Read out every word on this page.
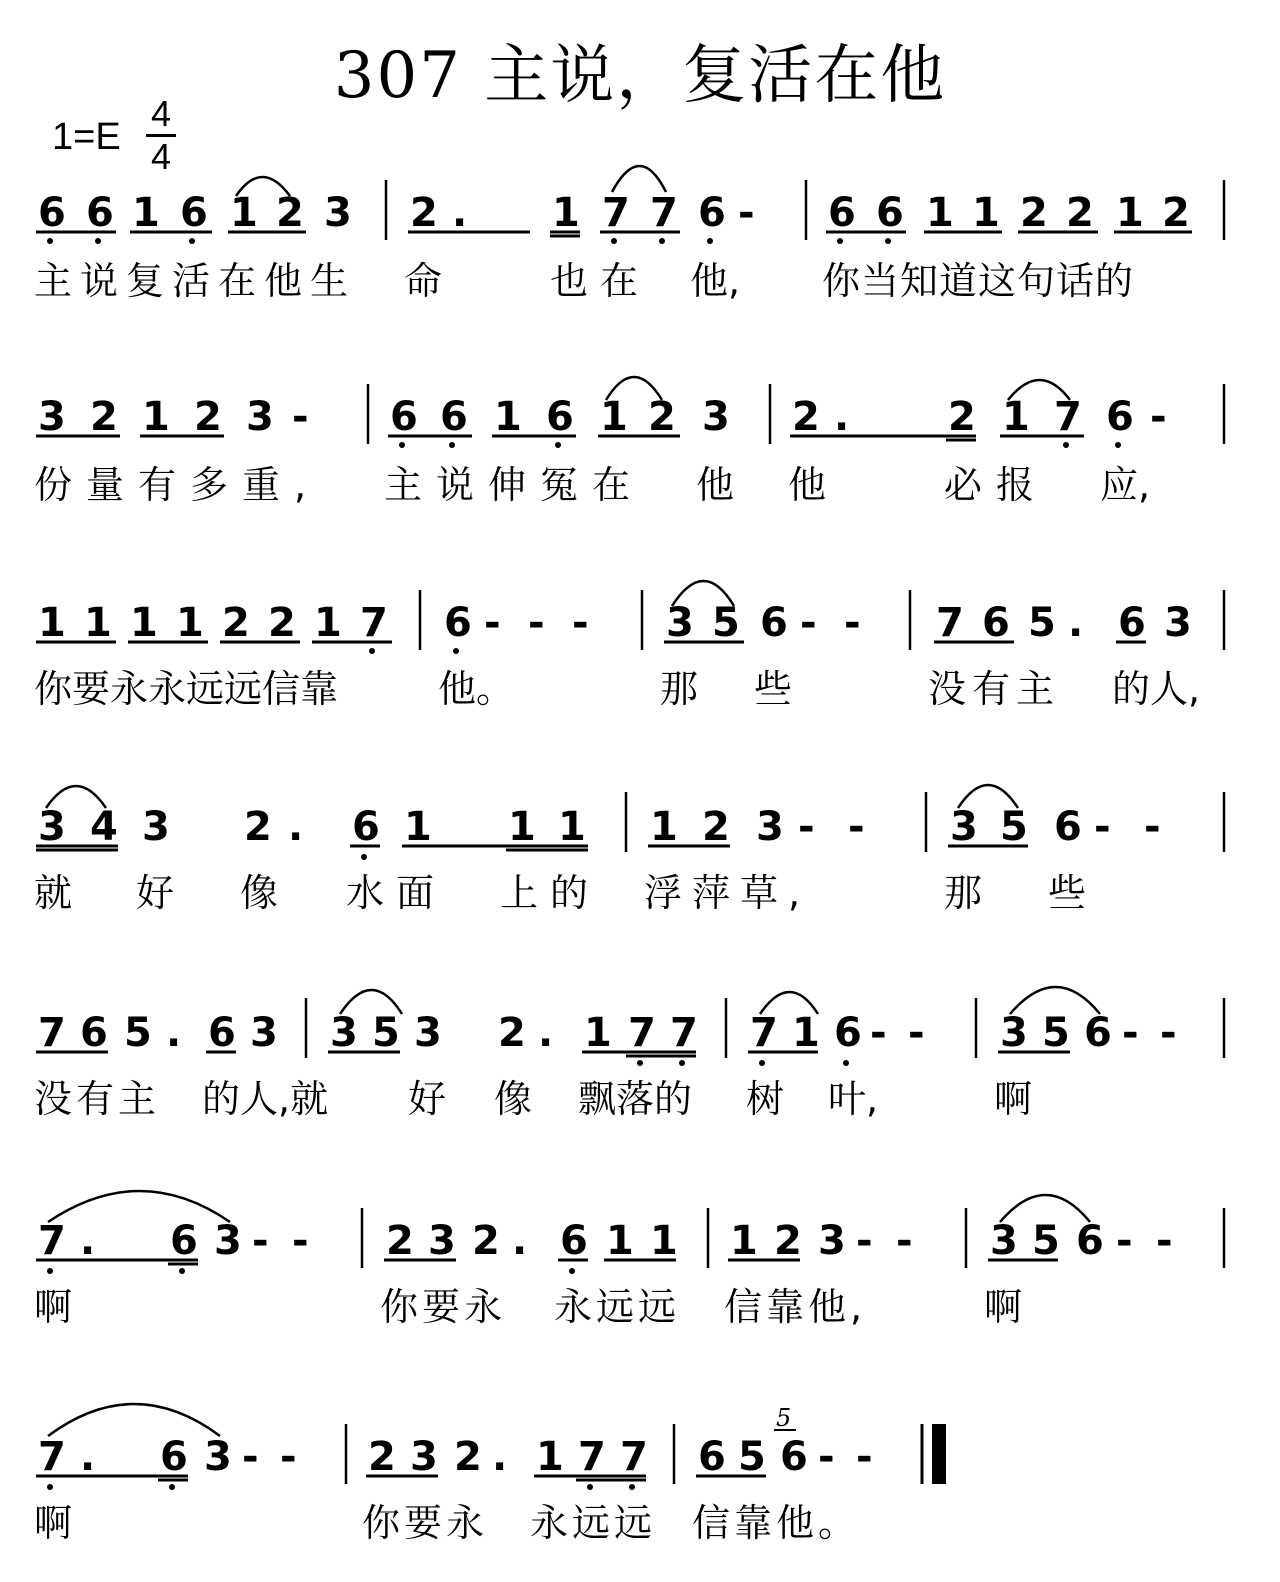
307 主说，复活在他
1=E
4
4
6 6 1 6 1 2 3 2 . 1 7 7 6 - 6 6 1 1 2 2 1 2
主说复活在他生 命	也在 他, 你当知道这句话的
3 2 1 2 3 - 6 6 1 6 1 2 3 2 . 2 1 7 6 -
份量有多重, 主说伸冤在 他 他	必报 应,
1 1 1 1 2 2 1 7 6 - - - 3 5 6 - - 7 6 5 . 6 3
你要永永远远信靠	他。	那 些	没有主 的人,
3 4 3 2 . 6 1 1 1 1 2 3 - - 3 5 6 - -
就 好 像 水面 上的 浮萍草,	那 些
7 6 5 . 6 3 3 5 3 2 . 1 7 7 7 1 6 - - 3 5 6 - -
没有主 的人,就 好 像 飘落的 树 叶,	啊
7 . 6 3 - - 2 3 2 . 6 1 1 1 2 3 - - 3 5 6 - -
啊	你要永 永远远 信靠他,	啊
7 . 6 3 - - 2 3 2 . 1 7 7 6 5 6 - -
5
啊	你要永 永远远 信靠他。
